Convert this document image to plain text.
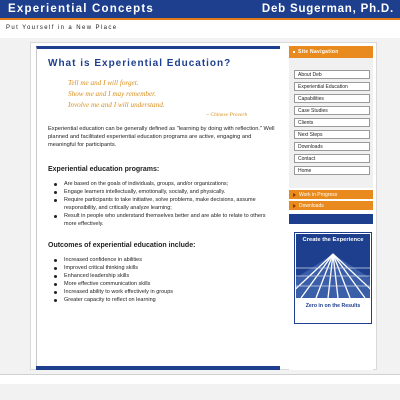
Experiential Concepts	Deb Sugerman, Ph.D.
Put Yourself in a New Place
What is Experiential Education?
Tell me and I will forget.
Show me and I may remember.
Involve me and I will understand.
~ Chinese Proverb

Experiential education can be generally defined as "learning by doing with reflection." Well planned and facilitated experiential education programs are active, engaging and meaningful for participants.

Experiential education programs:
Are based on the goals of individuals, groups, and/or organizations;
Engage learners intellectually, emotionally, socially, and physically.
Require participants to take initiative, solve problems, make decisions, assume responsibility, and critically analyze learning;
Result in people who understand themselves better and are able to relate to others more effectively.
Outcomes of experiential education include:
Increased confidence in abilities
Improved critical thinking skills
Enhanced leadership skills
More effective communication skills
Increased ability to work effectively in groups
Greater capacity to reflect on learning
Site Navigation
About Deb
Experiential Education
Capabilities
Case Studies
Clients
Next Steps
Downloads
Contact
Home
Work in Progress
Downloads
Create the Experience
Zero in on the Results
